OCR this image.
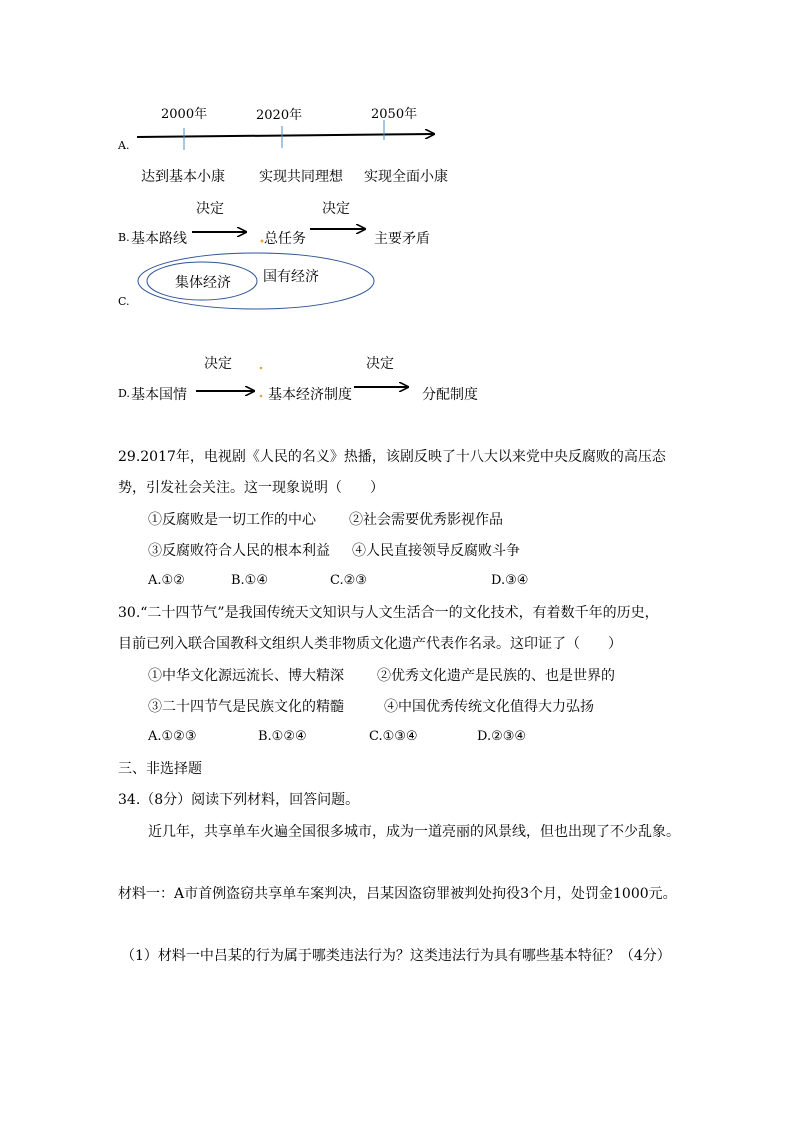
2000年	2020年	2050年
A.
达到基本小康 实现共同理想 实现全面小康
决定	决定
B. 基本路线	总任务	主要矛盾
集体经济 国有经济
C.
决定	决定
D. 基本国情	基本经济制度	分配制度
29.2017年，电视剧《人民的名义》热播，该剧反映了十八大以来党中央反腐败的高压态
势，引发社会关注。这一现象说明（　　）
①反腐败是一切工作的中心 ②社会需要优秀影视作品
③反腐败符合人民的根本利益 ④人民直接领导反腐败斗争
A.①②	B.①④	C.②③	D.③④
30.“二十四节气”是我国传统天文知识与人文生活合一的文化技术，有着数千年的历史，
目前已列入联合国教科文组织人类非物质文化遗产代表作名录。这印证了（　　）
①中华文化源远流长、博大精深 ②优秀文化遗产是民族的、也是世界的
③二十四节气是民族文化的精髓	④中国优秀传统文化值得大力弘扬
A.①②③	B.①②④	C.①③④	D.②③④
三、非选择题
34.（8分）阅读下列材料，回答问题。
近几年，共享单车火遍全国很多城市，成为一道亮丽的风景线，但也出现了不少乱象。
材料一：A市首例盗窃共享单车案判决，吕某因盗窃罪被判处拘役3个月，处罚金1000元。
（1）材料一中吕某的行为属于哪类违法行为？这类违法行为具有哪些基本特征？（4分）
